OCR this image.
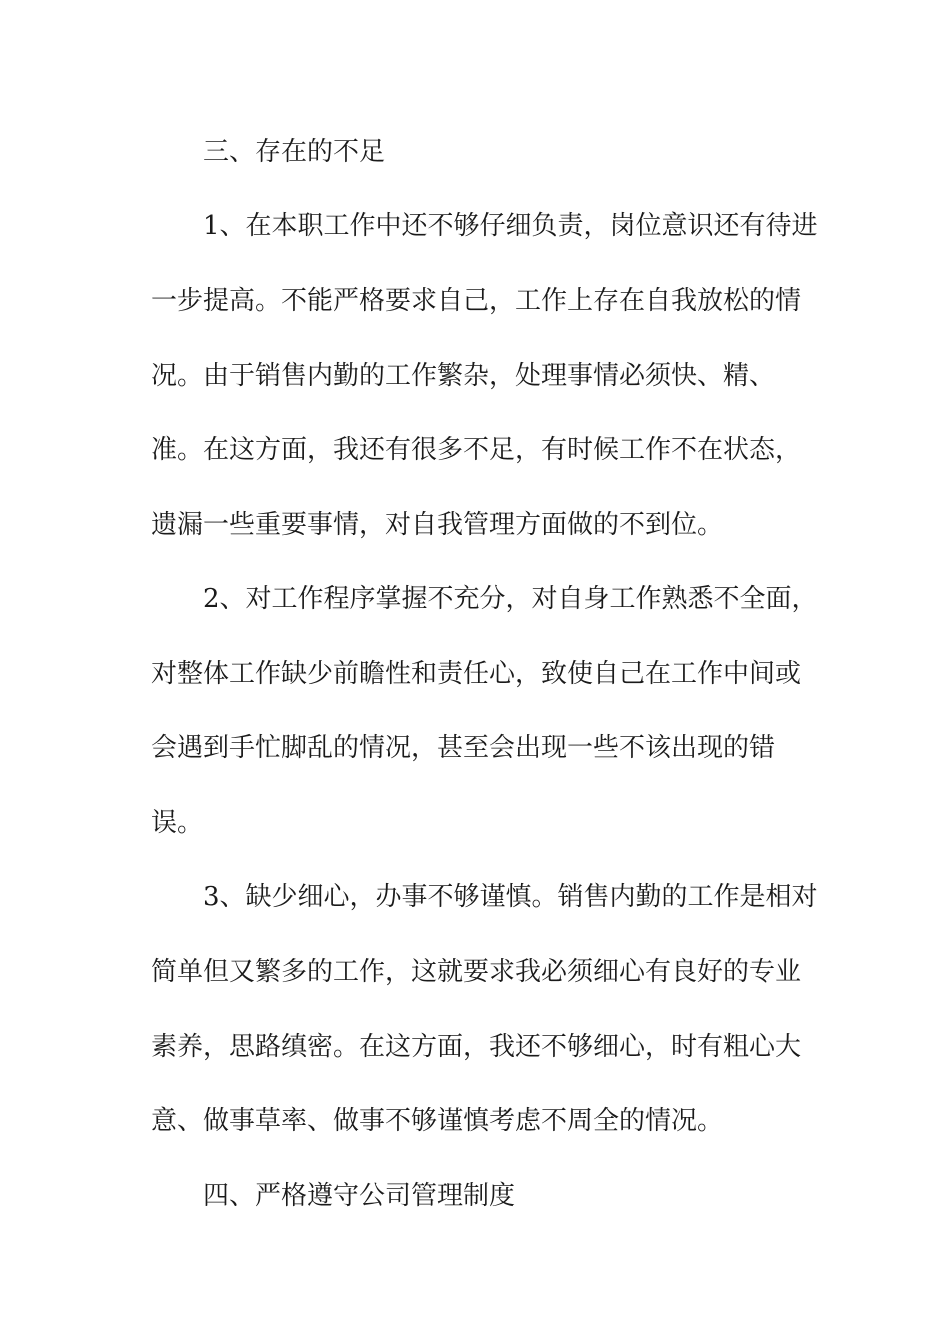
三、存在的不足
1、在本职工作中还不够仔细负责，岗位意识还有待进
一步提高。不能严格要求自己，工作上存在自我放松的情
况。由于销售内勤的工作繁杂，处理事情必须快、精、
准。在这方面，我还有很多不足，有时候工作不在状态，
遗漏一些重要事情，对自我管理方面做的不到位。
2、对工作程序掌握不充分，对自身工作熟悉不全面，
对整体工作缺少前瞻性和责任心，致使自己在工作中间或
会遇到手忙脚乱的情况，甚至会出现一些不该出现的错
误。
3、缺少细心，办事不够谨慎。销售内勤的工作是相对
简单但又繁多的工作，这就要求我必须细心有良好的专业
素养，思路缜密。在这方面，我还不够细心，时有粗心大
意、做事草率、做事不够谨慎考虑不周全的情况。
四、严格遵守公司管理制度
